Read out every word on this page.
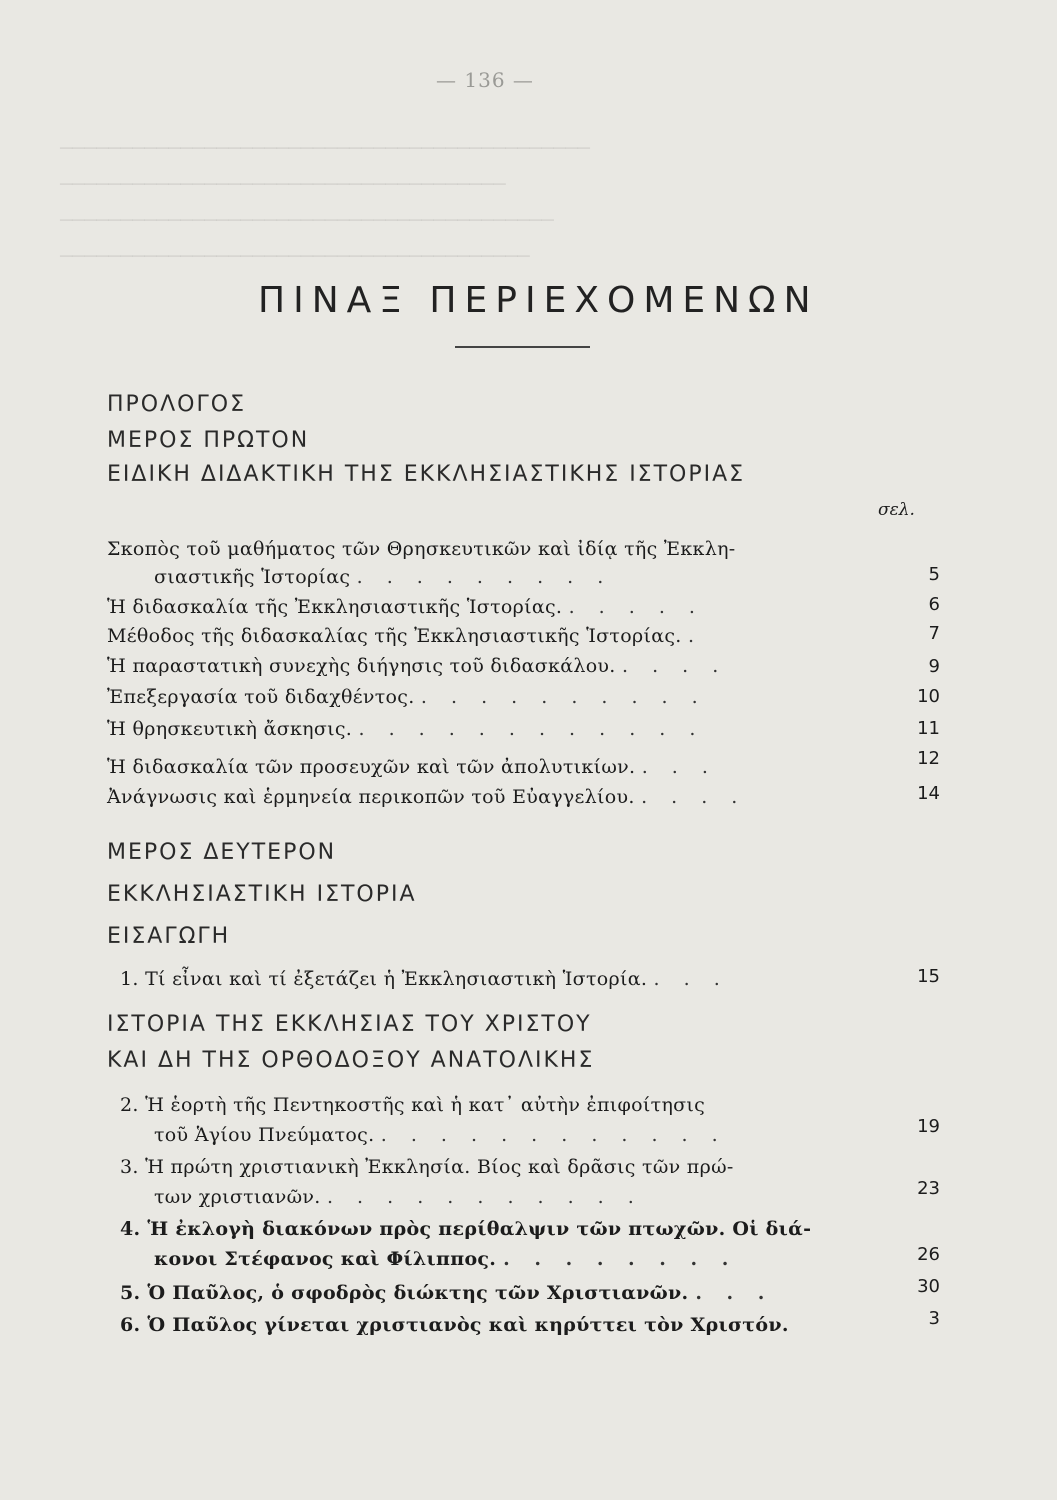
— 136 —
────────────────────────────────────────────
─────────────────────────────────────
─────────────────────────────────────────
───────────────────────────────────────
ΠΙΝΑΞ ΠΕΡΙΕΧΟΜΕΝΩΝ
ΠΡΟΛΟΓΟΣ
ΜΕΡΟΣ ΠΡΩΤΟΝ
ΕΙΔΙΚΗ ΔΙΔΑΚΤΙΚΗ ΤΗΣ ΕΚΚΛΗΣΙΑΣΤΙΚΗΣ ΙΣΤΟΡΙΑΣ
σελ.
Σκοπὸς τοῦ μαθήματος τῶν Θρησκευτικῶν καὶ ἰδίᾳ τῆς Ἐκκλη-
σιαστικῆς Ἱστορίας . . . . . . . . .	5
Ἡ διδασκαλία τῆς Ἐκκλησιαστικῆς Ἱστορίας. . . . . .	6
Μέθοδος τῆς διδασκαλίας τῆς Ἐκκλησιαστικῆς Ἱστορίας. .	7
Ἡ παραστατικὴ συνεχὴς διήγησις τοῦ διδασκάλου. . . . .	9
Ἐπεξεργασία τοῦ διδαχθέντος. . . . . . . . . . .	10
Ἡ θρησκευτικὴ ἄσκησις. . . . . . . . . . . . .	11
Ἡ διδασκαλία τῶν προσευχῶν καὶ τῶν ἀπολυτικίων. . . .	12
Ἀνάγνωσις καὶ ἑρμηνεία περικοπῶν τοῦ Εὐαγγελίου. . . . .	14
ΜΕΡΟΣ ΔΕΥΤΕΡΟΝ
ΕΚΚΛΗΣΙΑΣΤΙΚΗ ΙΣΤΟΡΙΑ
ΕΙΣΑΓΩΓΗ
1. Τί εἶναι καὶ τί ἐξετάζει ἡ Ἐκκλησιαστικὴ Ἱστορία. . . .	15
ΙΣΤΟΡΙΑ ΤΗΣ ΕΚΚΛΗΣΙΑΣ ΤΟΥ ΧΡΙΣΤΟΥ
ΚΑΙ ΔΗ ΤΗΣ ΟΡΘΟΔΟΞΟΥ ΑΝΑΤΟΛΙΚΗΣ
2. Ἡ ἑορτὴ τῆς Πεντηκοστῆς καὶ ἡ κατ᾽ αὐτὴν ἐπιφοίτησις
τοῦ Ἁγίου Πνεύματος. . . . . . . . . . . . .	19
3. Ἡ πρώτη χριστιανικὴ Ἐκκλησία. Βίος καὶ δρᾶσις τῶν πρώ-
των χριστιανῶν. . . . . . . . . . . .	23
4. Ἡ ἐκλογὴ διακόνων πρὸς περίθαλψιν τῶν πτωχῶν. Οἱ διά-
κονοι Στέφανος καὶ Φίλιππος. . . . . . . . .	26
5. Ὁ Παῦλος, ὁ σφοδρὸς διώκτης τῶν Χριστιανῶν. . . .	30
6. Ὁ Παῦλος γίνεται χριστιανὸς καὶ κηρύττει τὸν Χριστόν.	3
